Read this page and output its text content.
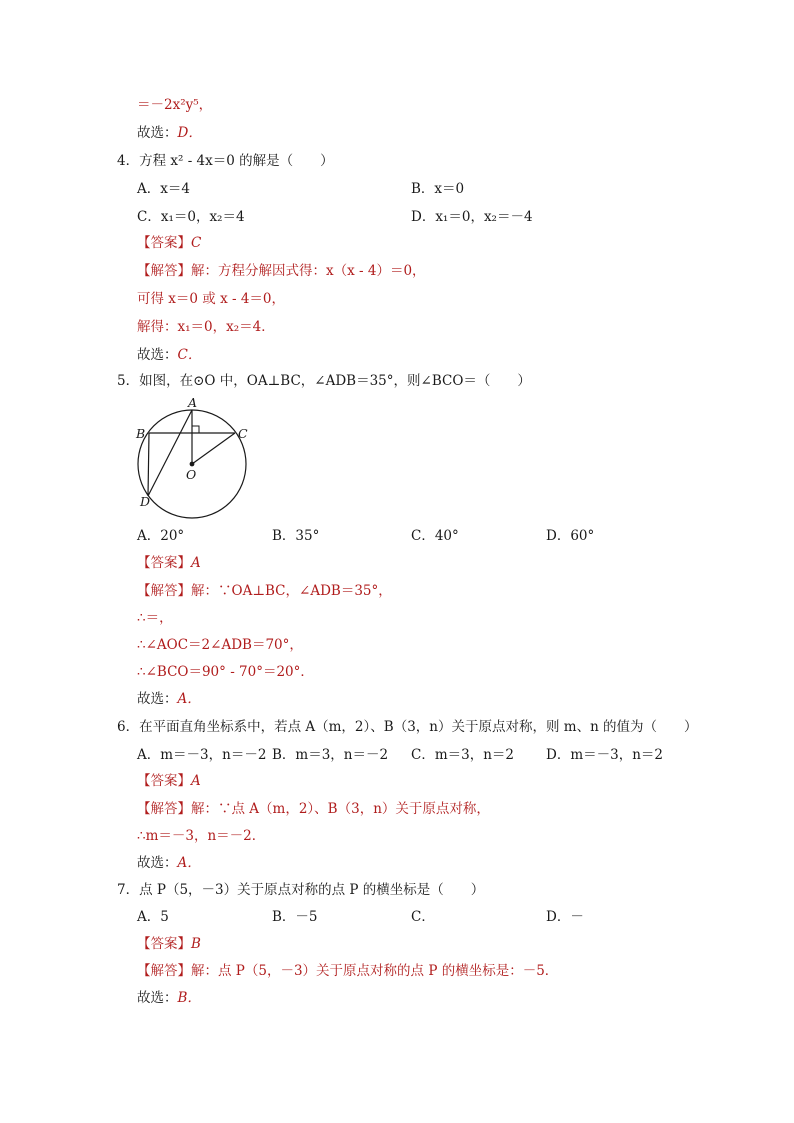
＝－2x²y⁵，
故选：D．
4．方程 x² - 4x＝0 的解是（　　）
A．x＝4	B．x＝0
C．x₁＝0，x₂＝4	D．x₁＝0，x₂＝－4
【答案】C
【解答】解：方程分解因式得：x（x - 4）＝0，
可得 x＝0 或 x - 4＝0，
解得：x₁＝0，x₂＝4．
故选：C．
5．如图，在⊙O 中，OA⊥BC，∠ADB＝35°，则∠BCO＝（　　）
A
B	C
D
O
A．20°	B．35°	C．40°	D．60°
【答案】A
【解答】解：∵OA⊥BC，∠ADB＝35°，
∴＝，
∴∠AOC＝2∠ADB＝70°，
∴∠BCO＝90° - 70°＝20°．
故选：A．
6．在平面直角坐标系中，若点 A（m，2）、B（3，n）关于原点对称，则 m、n 的值为（　　）
A．m＝－3，n＝－2 B．m＝3，n＝－2 C．m＝3，n＝2 D．m＝－3，n＝2
【答案】A
【解答】解：∵点 A（m，2）、B（3，n）关于原点对称，
∴m＝－3，n＝－2．
故选：A．
7．点 P（5，－3）关于原点对称的点 P 的横坐标是（　　）
A．5	B．－5	C．	D．－
【答案】B
【解答】解：点 P（5，－3）关于原点对称的点 P 的横坐标是：－5．
故选：B．
